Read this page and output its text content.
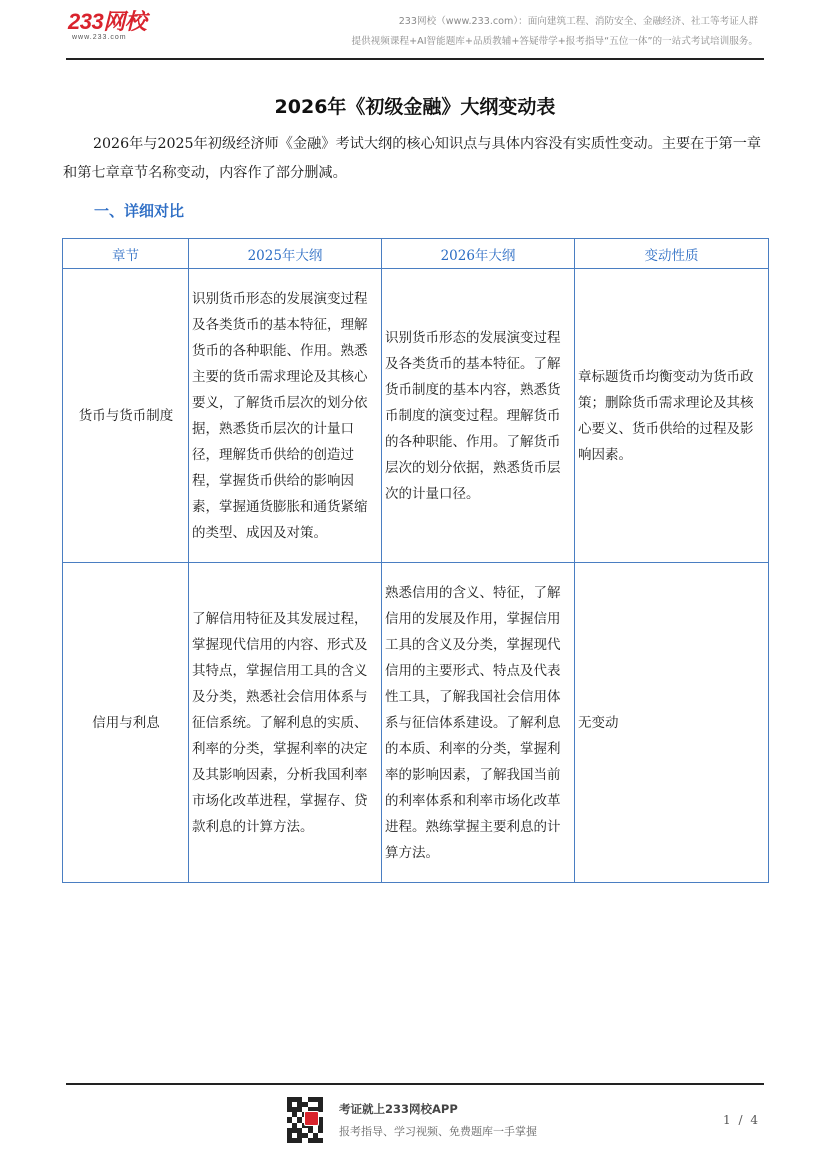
233网校
www.233.com
233网校（www.233.com）：面向建筑工程、消防安全、金融经济、社工等考证人群
提供视频课程+AI智能题库+品质教辅+答疑带学+报考指导“五位一体”的一站式考试培训服务。
2026年《初级金融》大纲变动表
2026年与2025年初级经济师《金融》考试大纲的核心知识点与具体内容没有实质性变动。主要在于第一章和第七章章节名称变动，内容作了部分删减。
一、详细对比
章节	2025年大纲	2026年大纲	变动性质
货币与货币制度	识别货币形态的发展演变过程及各类货币的基本特征，理解货币的各种职能、作用。熟悉主要的货币需求理论及其核心要义，了解货币层次的划分依据，熟悉货币层次的计量口径，理解货币供给的创造过程，掌握货币供给的影响因素，掌握通货膨胀和通货紧缩的类型、成因及对策。	识别货币形态的发展演变过程及各类货币的基本特征。了解货币制度的基本内容，熟悉货币制度的演变过程。理解货币的各种职能、作用。了解货币层次的划分依据，熟悉货币层次的计量口径。	章标题货币均衡变动为货币政策；删除货币需求理论及其核心要义、货币供给的过程及影响因素。
信用与利息	了解信用特征及其发展过程，掌握现代信用的内容、形式及其特点，掌握信用工具的含义及分类，熟悉社会信用体系与征信系统。了解利息的实质、利率的分类，掌握利率的决定及其影响因素，分析我国利率市场化改革进程，掌握存、贷款利息的计算方法。	熟悉信用的含义、特征，了解信用的发展及作用，掌握信用工具的含义及分类，掌握现代信用的主要形式、特点及代表性工具，了解我国社会信用体系与征信体系建设。了解利息的本质、利率的分类，掌握利率的影响因素，了解我国当前的利率体系和利率市场化改革进程。熟练掌握主要利息的计算方法。	无变动
考证就上233网校APP
报考指导、学习视频、免费题库一手掌握
1 / 4
